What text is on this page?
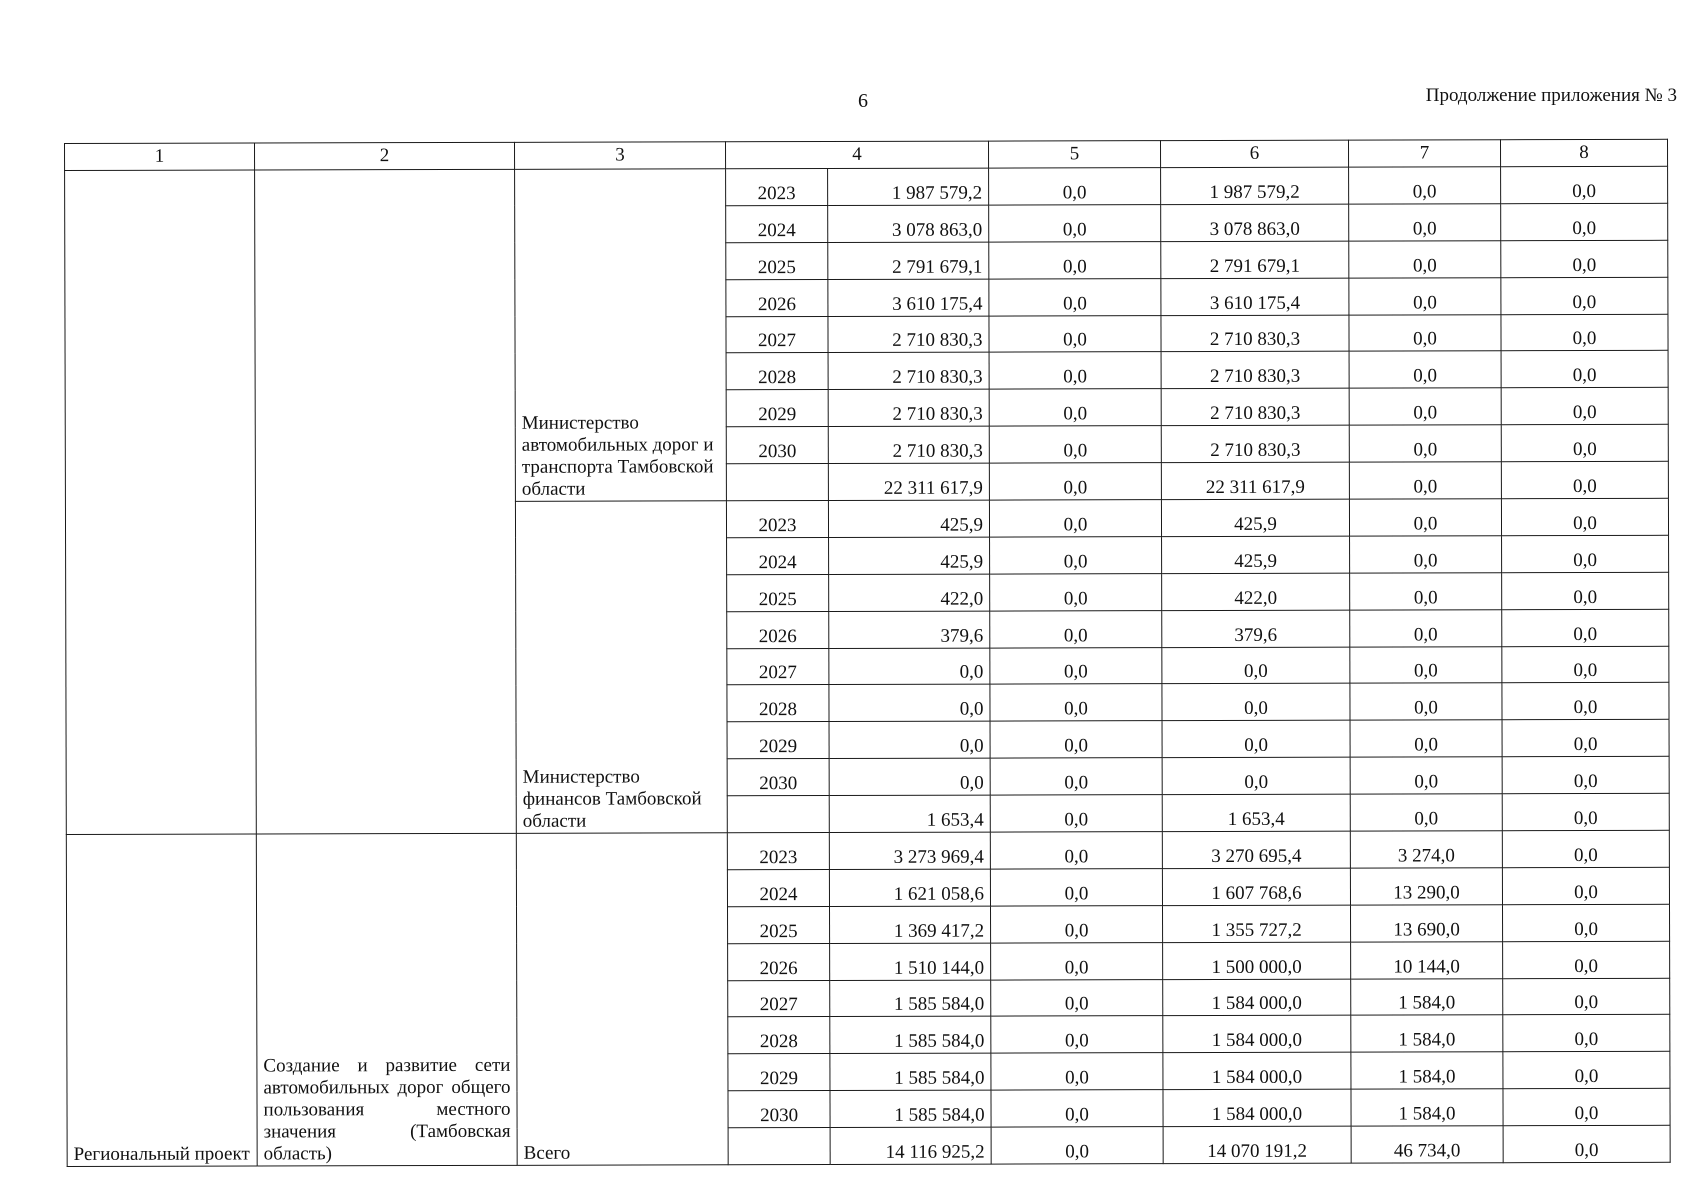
6	Продолжение приложения № 3
1	2	3	4		5	6	7	8
		Министерство автомобильных дорог и транспорта Тамбовской области	2023	1 987 579,2	0,0	1 987 579,2	0,0	0,0
			2024	3 078 863,0	0,0	3 078 863,0	0,0	0,0
			2025	2 791 679,1	0,0	2 791 679,1	0,0	0,0
			2026	3 610 175,4	0,0	3 610 175,4	0,0	0,0
			2027	2 710 830,3	0,0	2 710 830,3	0,0	0,0
			2028	2 710 830,3	0,0	2 710 830,3	0,0	0,0
			2029	2 710 830,3	0,0	2 710 830,3	0,0	0,0
			2030	2 710 830,3	0,0	2 710 830,3	0,0	0,0
				22 311 617,9	0,0	22 311 617,9	0,0	0,0
		Министерство финансов Тамбовской области	2023	425,9	0,0	425,9	0,0	0,0
			2024	425,9	0,0	425,9	0,0	0,0
			2025	422,0	0,0	422,0	0,0	0,0
			2026	379,6	0,0	379,6	0,0	0,0
			2027	0,0	0,0	0,0	0,0	0,0
			2028	0,0	0,0	0,0	0,0	0,0
			2029	0,0	0,0	0,0	0,0	0,0
			2030	0,0	0,0	0,0	0,0	0,0
				1 653,4	0,0	1 653,4	0,0	0,0
Региональный проект	Создание и развитие сети автомобильных дорог общего пользования местного значения (Тамбовская область)	Всего	2023	3 273 969,4	0,0	3 270 695,4	3 274,0	0,0
			2024	1 621 058,6	0,0	1 607 768,6	13 290,0	0,0
			2025	1 369 417,2	0,0	1 355 727,2	13 690,0	0,0
			2026	1 510 144,0	0,0	1 500 000,0	10 144,0	0,0
			2027	1 585 584,0	0,0	1 584 000,0	1 584,0	0,0
			2028	1 585 584,0	0,0	1 584 000,0	1 584,0	0,0
			2029	1 585 584,0	0,0	1 584 000,0	1 584,0	0,0
			2030	1 585 584,0	0,0	1 584 000,0	1 584,0	0,0
				14 116 925,2	0,0	14 070 191,2	46 734,0	0,0
